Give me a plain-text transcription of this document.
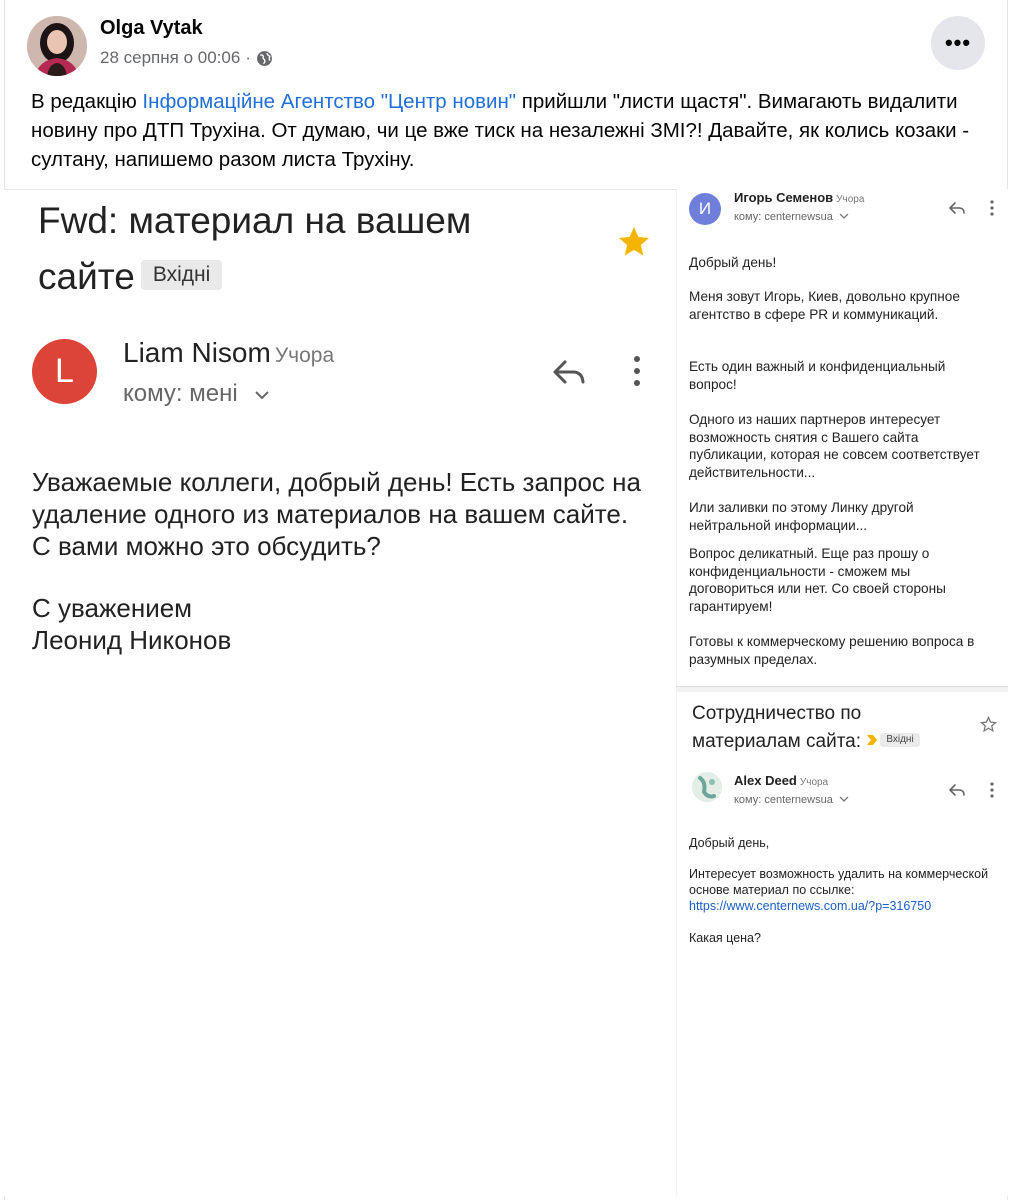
Olga Vytak
28 серпня о 00:06 ·
•••
В редакцію Інформаційне Агентство "Центр новин" прийшли "листи щастя". Вимагають видалити новину про ДТП Трухіна. От думаю, чи це вже тиск на незалежні ЗМІ?! Давайте, як колись козаки - султану, напишемо разом листа Трухіну.
Fwd: материал на вашем сайте Вхідні
L	Liam Nisom Учора
кому: мені
Уважаемые коллеги, добрый день! Есть запрос на удаление одного из материалов на вашем сайте. С вами можно это обсудить?
С уважением
Леонид Никонов
И
Игорь Семенов Учора
кому: centernewsua
Добрый день!
Меня зовут Игорь, Киев, довольно крупное агентство в сфере PR и коммуникаций.
Есть один важный и конфиденциальный вопрос!
Одного из наших партнеров интересует возможность снятия с Вашего сайта публикации, которая не совсем соответствует действительности...
Или заливки по этому Линку другой нейтральной информации...
Вопрос деликатный. Еще раз прошу о конфиденциальности - сможем мы договориться или нет. Со своей стороны гарантируем!
Готовы к коммерческому решению вопроса в разумных пределах.
Сотрудничество по материалам сайта:	Вхідні
Alex Deed Учора
кому: centernewsua
Добрый день,
Интересует возможность удалить на коммерческой основе материал по ссылке:
https://www.centernews.com.ua/?p=316750
Какая цена?
